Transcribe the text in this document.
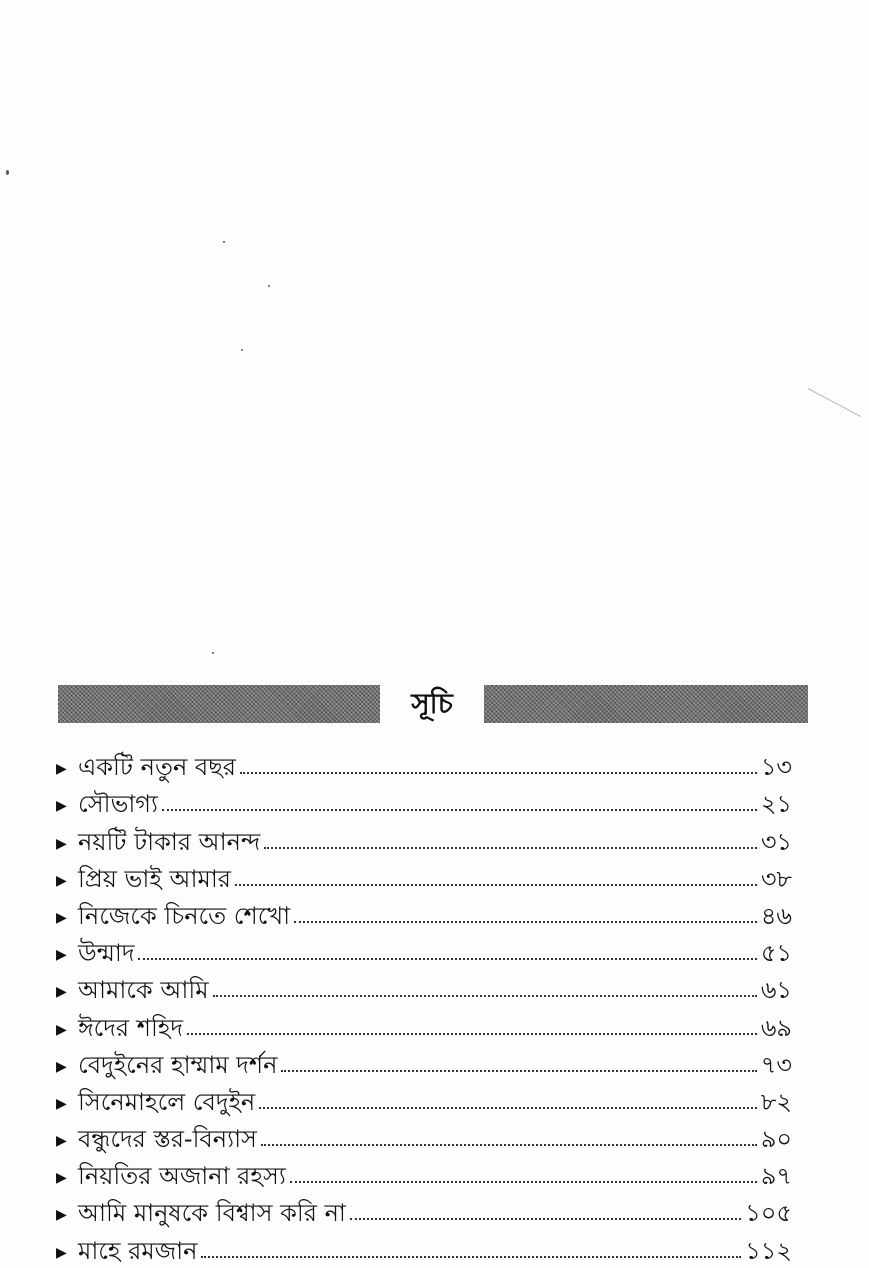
সূচি
▶ একটি নতুন বছর	১৩
▶ সৌভাগ্য	২১
▶ নয়টি টাকার আনন্দ	৩১
▶ প্রিয় ভাই আমার	৩৮
▶ নিজেকে চিনতে শেখো	৪৬
▶ উন্মাদ	৫১
▶ আমাকে আমি	৬১
▶ ঈদের শহিদ	৬৯
▶ বেদুইনের হাম্মাম দর্শন	৭৩
▶ সিনেমাহলে বেদুইন	৮২
▶ বন্ধুদের স্তর-বিন্যাস	৯০
▶ নিয়তির অজানা রহস্য	৯৭
▶ আমি মানুষকে বিশ্বাস করি না	১০৫
▶ মাহে রমজান	১১২
